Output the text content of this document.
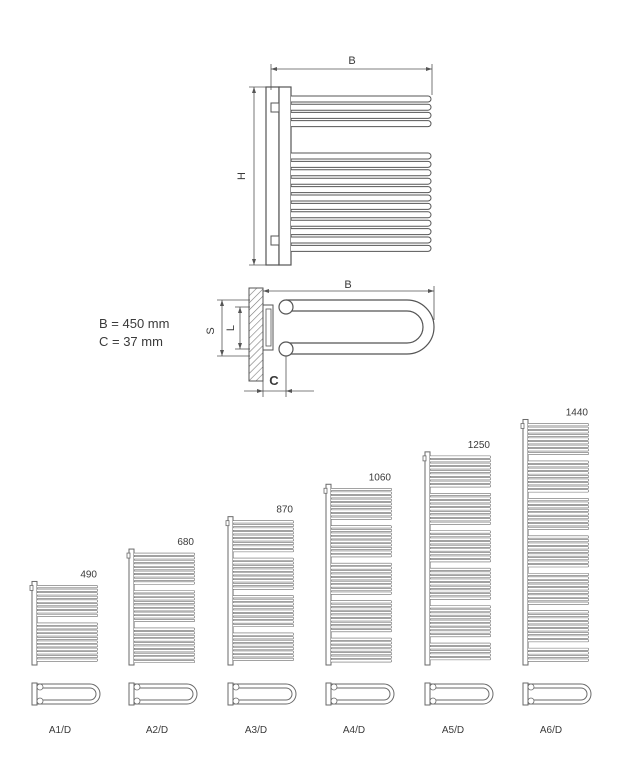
B
H
B
S L
C
B = 450 mm
C = 37 mm
490
A1/D
680
A2/D
870
A3/D
1060
A4/D
1250
A5/D
1440
A6/D
